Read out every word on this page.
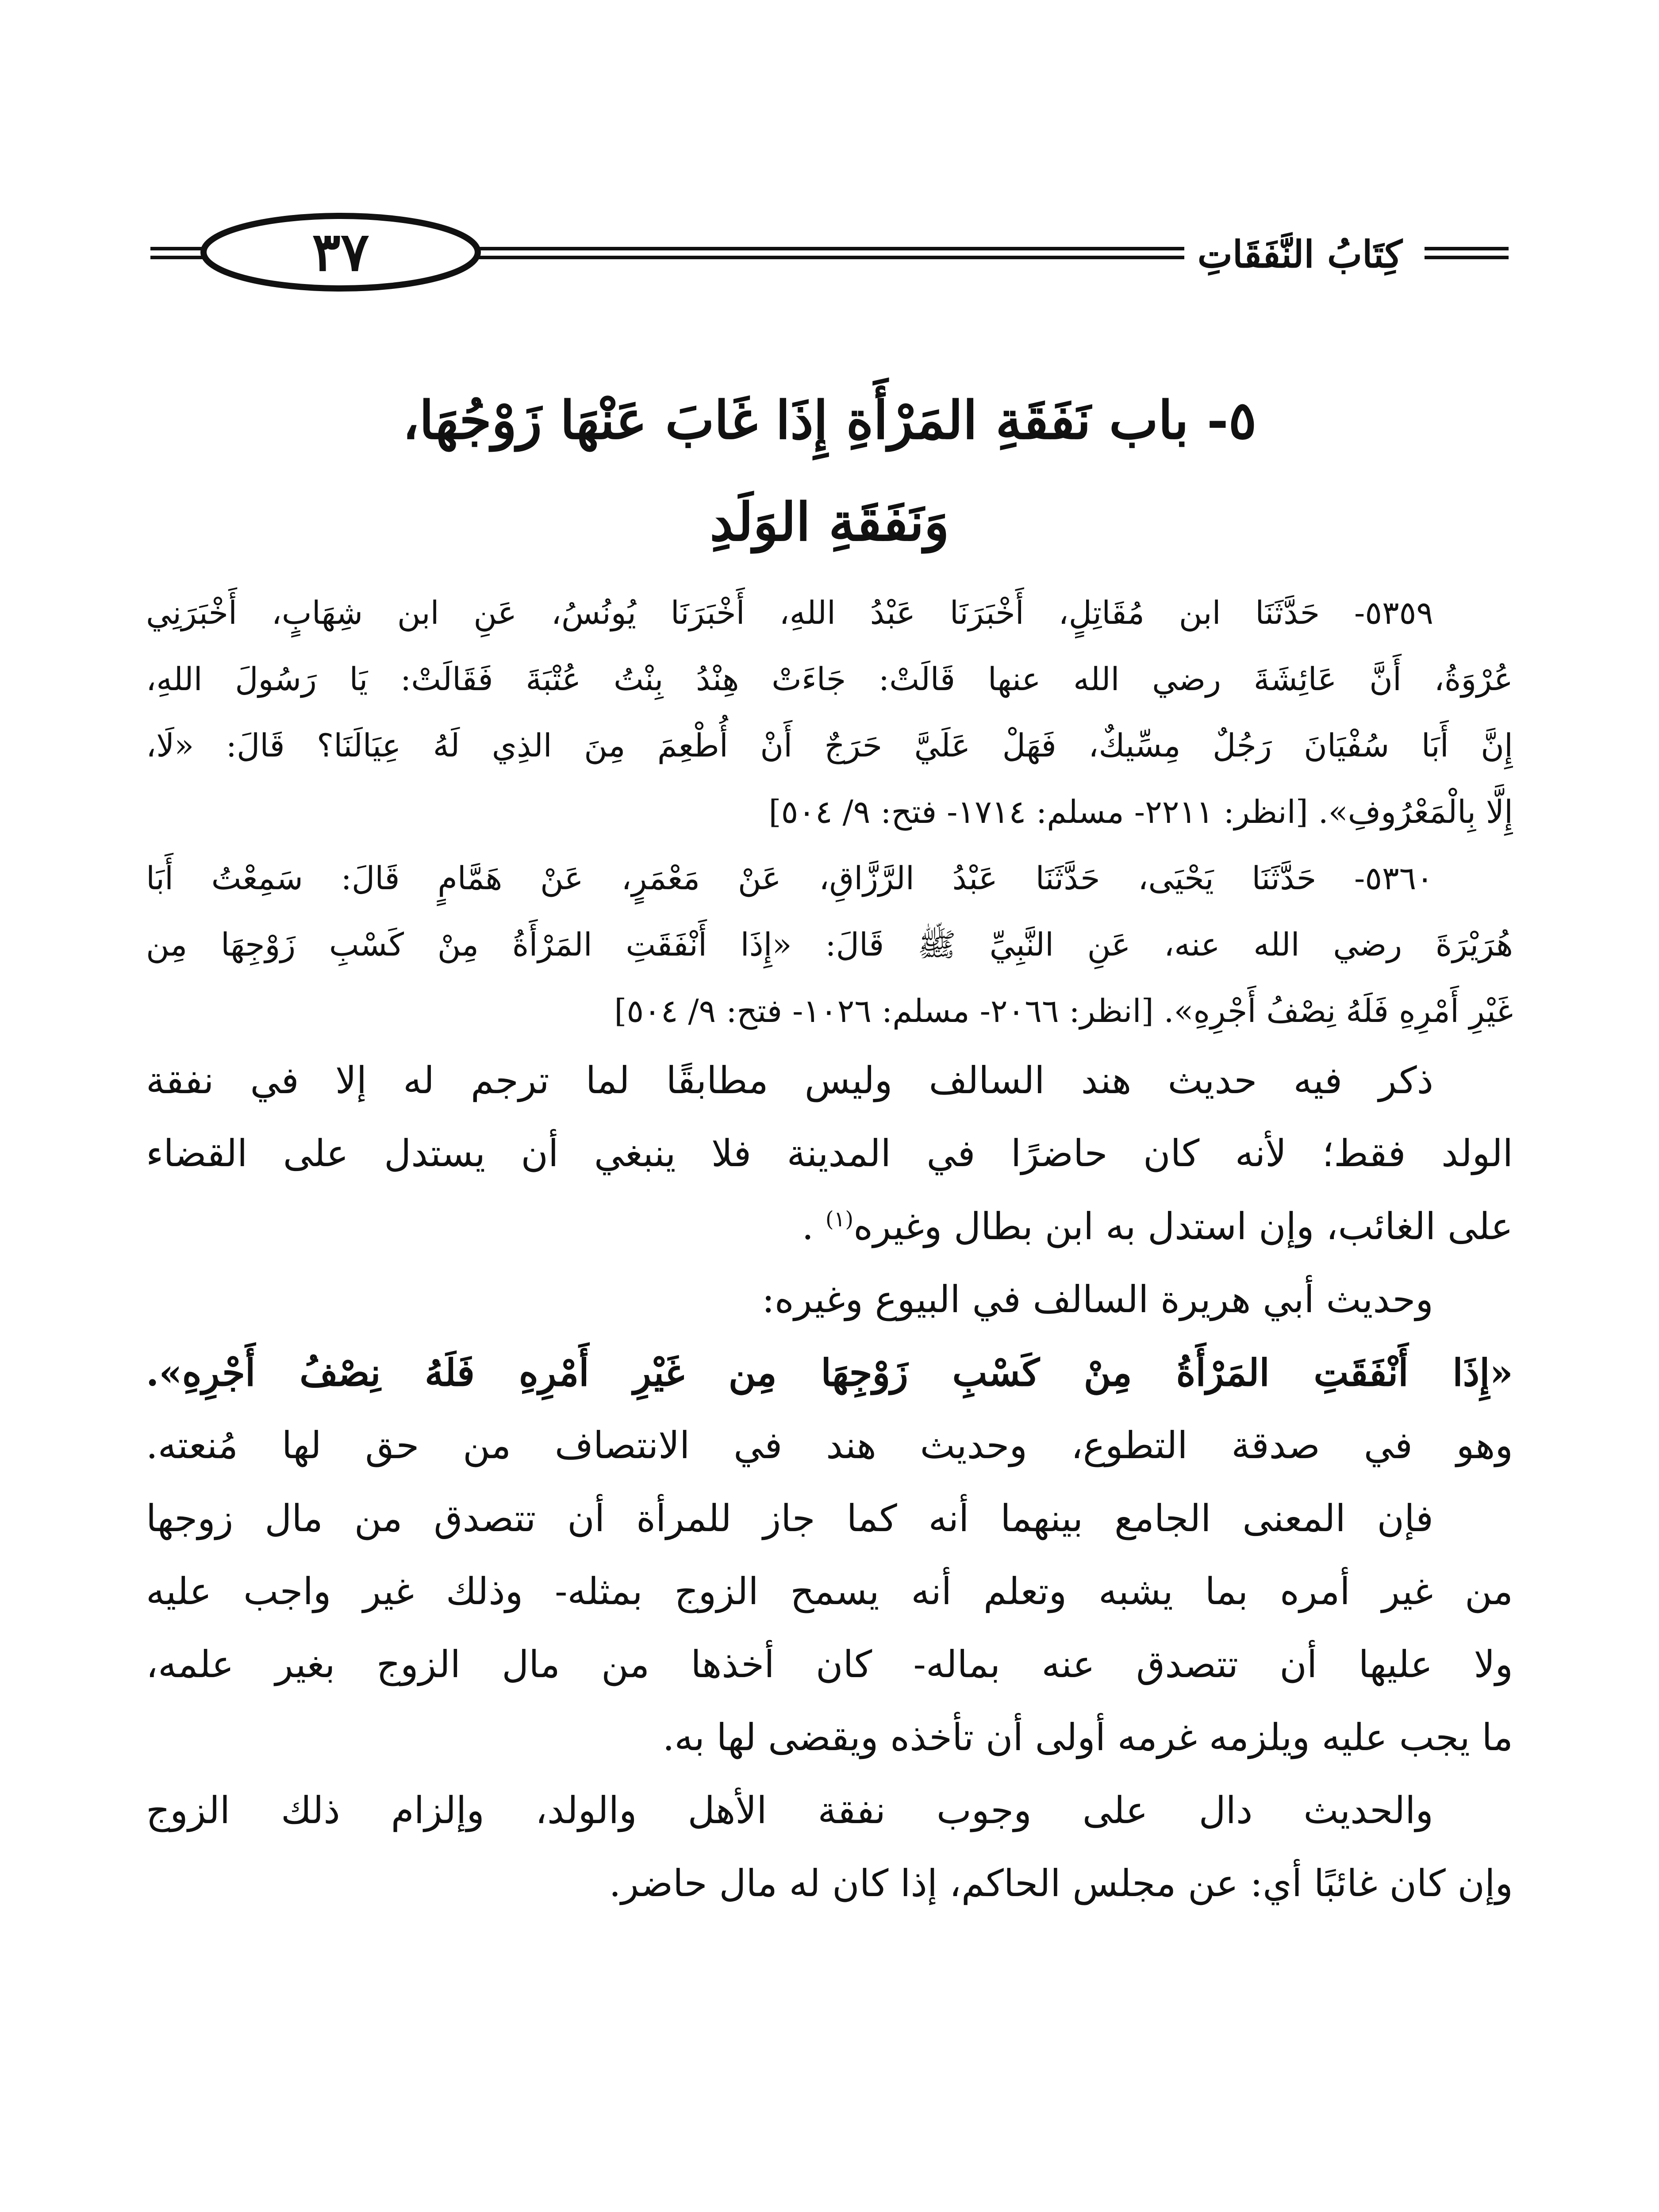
٣٧	كِتَابُ النَّفَقَاتِ
٥- باب نَفَقَةِ المَرْأَةِ إِذَا غَابَ عَنْهَا زَوْجُهَا،
وَنَفَقَةِ الوَلَدِ
٥٣٥٩- حَدَّثَنَا ابن مُقَاتِلٍ، أَخْبَرَنَا عَبْدُ اللهِ، أَخْبَرَنَا يُونُسُ، عَنِ ابن شِهَابٍ، أَخْبَرَنِي
عُرْوَةُ، أَنَّ عَائِشَةَ رضي الله عنها قَالَتْ: جَاءَتْ هِنْدُ بِنْتُ عُتْبَةَ فَقَالَتْ: يَا رَسُولَ اللهِ،
إِنَّ أَبَا سُفْيَانَ رَجُلٌ مِسِّيكٌ، فَهَلْ عَلَيَّ حَرَجٌ أَنْ أُطْعِمَ مِنَ الذِي لَهُ عِيَالَنَا؟ قَالَ: «لَا،
إِلَّا بِالْمَعْرُوفِ». [انظر: ٢٢١١- مسلم: ١٧١٤- فتح: ٩/ ٥٠٤]
٥٣٦٠- حَدَّثَنَا يَحْيَى، حَدَّثَنَا عَبْدُ الرَّزَّاقِ، عَنْ مَعْمَرٍ، عَنْ هَمَّامٍ قَالَ: سَمِعْتُ أَبَا
هُرَيْرَةَ رضي الله عنه، عَنِ النَّبِيِّ ﷺ قَالَ: «إِذَا أَنْفَقَتِ المَرْأَةُ مِنْ كَسْبِ زَوْجِهَا مِن
غَيْرِ أَمْرِهِ فَلَهُ نِصْفُ أَجْرِهِ». [انظر: ٢٠٦٦- مسلم: ١٠٢٦- فتح: ٩/ ٥٠٤]
ذكر فيه حديث هند السالف وليس مطابقًا لما ترجم له إلا في نفقة
الولد فقط؛ لأنه كان حاضرًا في المدينة فلا ينبغي أن يستدل على القضاء
على الغائب، وإن استدل به ابن بطال وغيره$^{(١)}$ .
وحديث أبي هريرة السالف في البيوع وغيره:
«إِذَا أَنْفَقَتِ المَرْأَةُ مِنْ كَسْبِ زَوْجِهَا مِن غَيْرِ أَمْرِهِ فَلَهُ نِصْفُ أَجْرِهِ».
وهو في صدقة التطوع، وحديث هند في الانتصاف من حق لها مُنعته.
فإن المعنى الجامع بينهما أنه كما جاز للمرأة أن تتصدق من مال زوجها
من غير أمره بما يشبه وتعلم أنه يسمح الزوج بمثله- وذلك غير واجب عليه
ولا عليها أن تتصدق عنه بماله- كان أخذها من مال الزوج بغير علمه،
ما يجب عليه ويلزمه غرمه أولى أن تأخذه ويقضى لها به.
والحديث دال على وجوب نفقة الأهل والولد، وإلزام ذلك الزوج
وإن كان غائبًا أي: عن مجلس الحاكم، إذا كان له مال حاضر.
